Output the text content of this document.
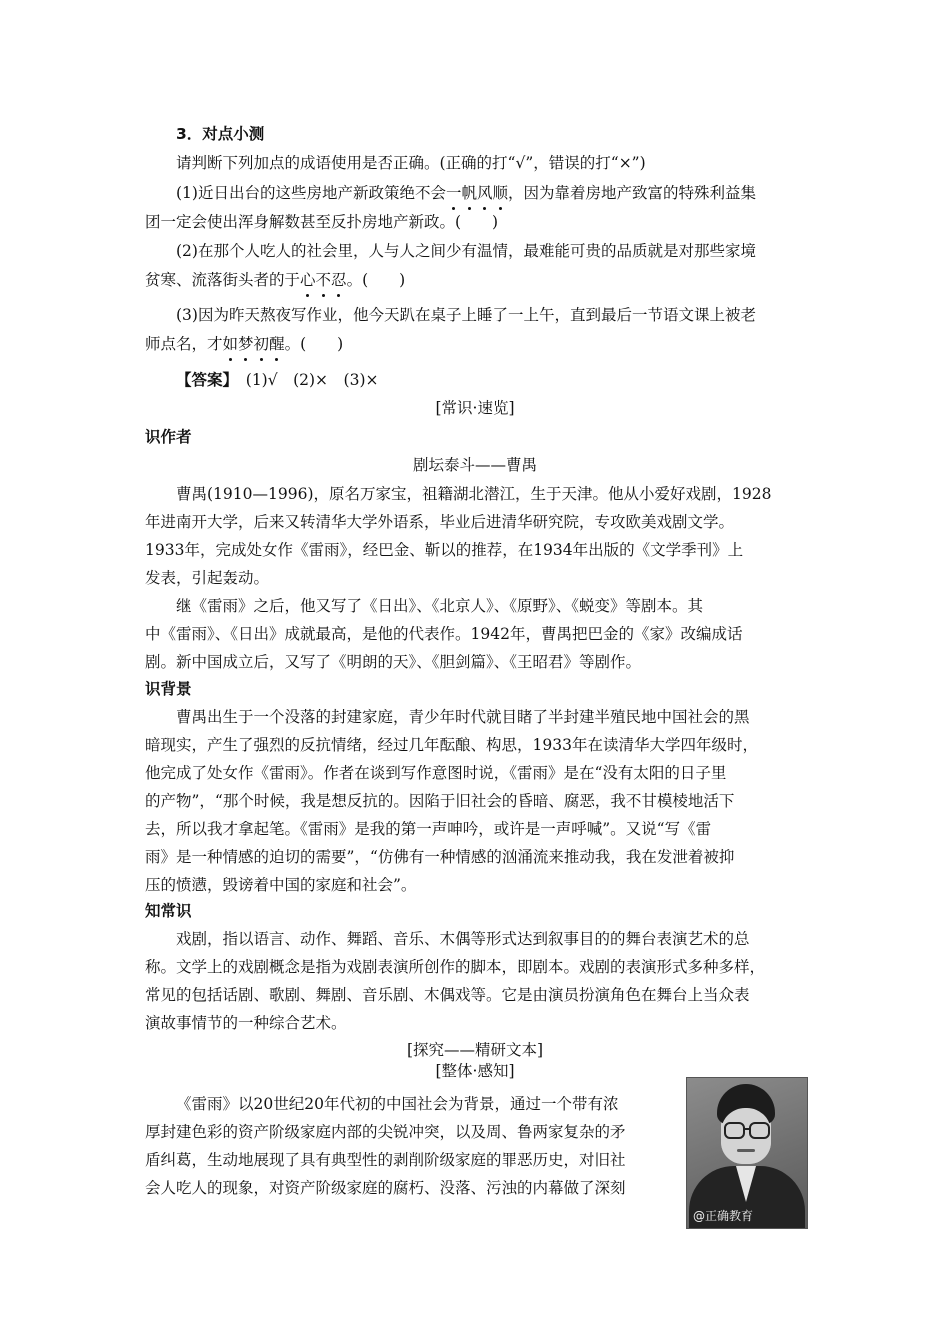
3．对点小测

请判断下列加点的成语使用是否正确。(正确的打“√”，错误的打“×”)

(1)近日出台的这些房地产新政策绝不会一帆风顺，因为靠着房地产致富的特殊利益集

团一定会使出浑身解数甚至反扑房地产新政。(　　)

(2)在那个人吃人的社会里，人与人之间少有温情，最难能可贵的品质就是对那些家境

贫寒、流落街头者的于心不忍。(　　)

(3)因为昨天熬夜写作业，他今天趴在桌子上睡了一上午，直到最后一节语文课上被老

师点名，才如梦初醒。(　　)

【答案】　(1)√　(2)×　(3)×

[常识·速览]

识作者

剧坛泰斗——曹禺

曹禺(1910—1996)，原名万家宝，祖籍湖北潜江，生于天津。他从小爱好戏剧，1928

年进南开大学，后来又转清华大学外语系，毕业后进清华研究院，专攻欧美戏剧文学。

1933年，完成处女作《雷雨》，经巴金、靳以的推荐，在1934年出版的《文学季刊》上

发表，引起轰动。

继《雷雨》之后，他又写了《日出》、《北京人》、《原野》、《蜕变》等剧本。其

中《雷雨》、《日出》成就最高，是他的代表作。1942年，曹禺把巴金的《家》改编成话

剧。新中国成立后，又写了《明朗的天》、《胆剑篇》、《王昭君》等剧作。

识背景

曹禺出生于一个没落的封建家庭，青少年时代就目睹了半封建半殖民地中国社会的黑

暗现实，产生了强烈的反抗情绪，经过几年酝酿、构思，1933年在读清华大学四年级时，

他完成了处女作《雷雨》。作者在谈到写作意图时说，《雷雨》是在“没有太阳的日子里

的产物”，“那个时候，我是想反抗的。因陷于旧社会的昏暗、腐恶，我不甘模棱地活下

去，所以我才拿起笔。《雷雨》是我的第一声呻吟，或许是一声呼喊”。又说“写《雷

雨》是一种情感的迫切的需要”，“仿佛有一种情感的汹涌流来推动我，我在发泄着被抑

压的愤懑，毁谤着中国的家庭和社会”。

知常识

戏剧，指以语言、动作、舞蹈、音乐、木偶等形式达到叙事目的的舞台表演艺术的总

称。文学上的戏剧概念是指为戏剧表演所创作的脚本，即剧本。戏剧的表演形式多种多样，

常见的包括话剧、歌剧、舞剧、音乐剧、木偶戏等。它是由演员扮演角色在舞台上当众表

演故事情节的一种综合艺术。

[探究——精研文本]

[整体·感知]

《雷雨》以20世纪20年代初的中国社会为背景，通过一个带有浓

厚封建色彩的资产阶级家庭内部的尖锐冲突，以及周、鲁两家复杂的矛

盾纠葛，生动地展现了具有典型性的剥削阶级家庭的罪恶历史，对旧社

会人吃人的现象，对资产阶级家庭的腐朽、没落、污浊的内幕做了深刻

@正确教育
